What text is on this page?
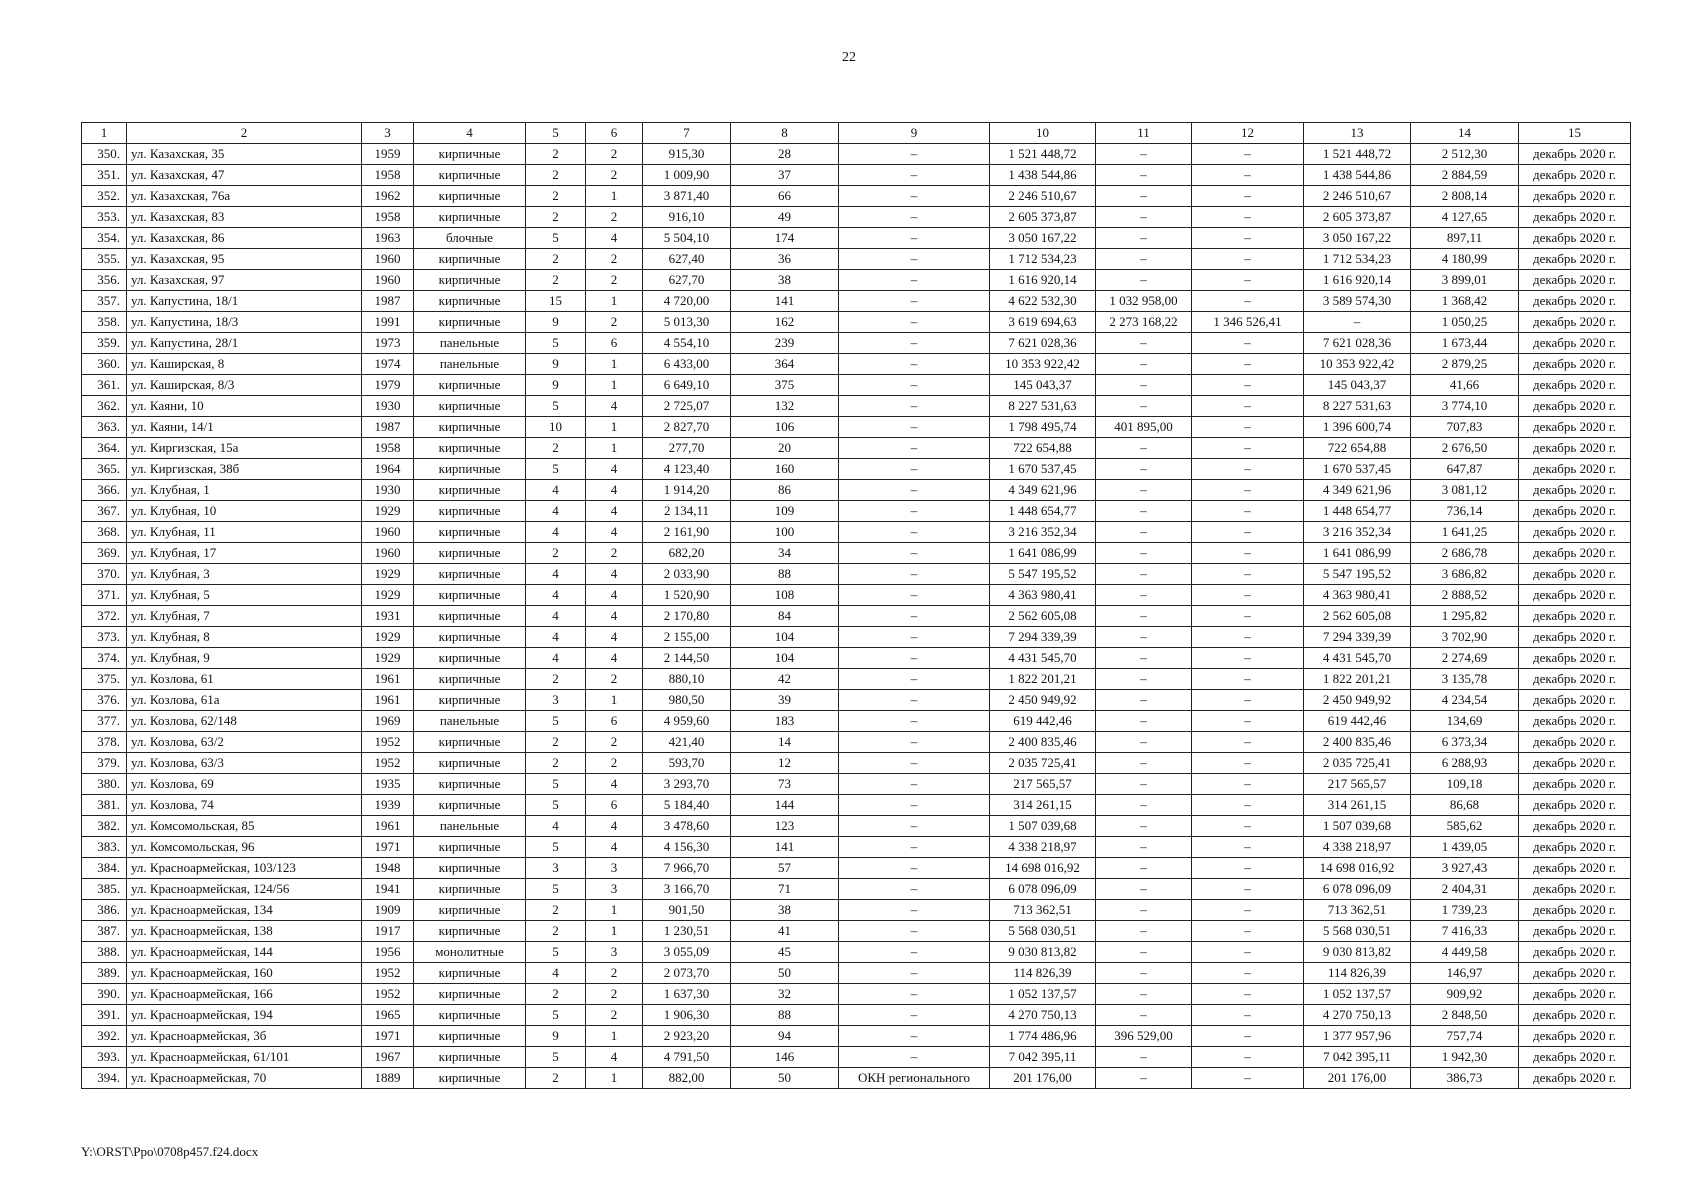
22
1	2	3	4	5	6	7	8	9	10	11	12	13	14	15
350.	ул. Казахская, 35	1959	кирпичные	2	2	915,30	28	–	1 521 448,72	–	–	1 521 448,72	2 512,30	декабрь 2020 г.
351.	ул. Казахская, 47	1958	кирпичные	2	2	1 009,90	37	–	1 438 544,86	–	–	1 438 544,86	2 884,59	декабрь 2020 г.
352.	ул. Казахская, 76а	1962	кирпичные	2	1	3 871,40	66	–	2 246 510,67	–	–	2 246 510,67	2 808,14	декабрь 2020 г.
353.	ул. Казахская, 83	1958	кирпичные	2	2	916,10	49	–	2 605 373,87	–	–	2 605 373,87	4 127,65	декабрь 2020 г.
354.	ул. Казахская, 86	1963	блочные	5	4	5 504,10	174	–	3 050 167,22	–	–	3 050 167,22	897,11	декабрь 2020 г.
355.	ул. Казахская, 95	1960	кирпичные	2	2	627,40	36	–	1 712 534,23	–	–	1 712 534,23	4 180,99	декабрь 2020 г.
356.	ул. Казахская, 97	1960	кирпичные	2	2	627,70	38	–	1 616 920,14	–	–	1 616 920,14	3 899,01	декабрь 2020 г.
357.	ул. Капустина, 18/1	1987	кирпичные	15	1	4 720,00	141	–	4 622 532,30	1 032 958,00	–	3 589 574,30	1 368,42	декабрь 2020 г.
358.	ул. Капустина, 18/3	1991	кирпичные	9	2	5 013,30	162	–	3 619 694,63	2 273 168,22	1 346 526,41	–	1 050,25	декабрь 2020 г.
359.	ул. Капустина, 28/1	1973	панельные	5	6	4 554,10	239	–	7 621 028,36	–	–	7 621 028,36	1 673,44	декабрь 2020 г.
360.	ул. Каширская, 8	1974	панельные	9	1	6 433,00	364	–	10 353 922,42	–	–	10 353 922,42	2 879,25	декабрь 2020 г.
361.	ул. Каширская, 8/3	1979	кирпичные	9	1	6 649,10	375	–	145 043,37	–	–	145 043,37	41,66	декабрь 2020 г.
362.	ул. Каяни, 10	1930	кирпичные	5	4	2 725,07	132	–	8 227 531,63	–	–	8 227 531,63	3 774,10	декабрь 2020 г.
363.	ул. Каяни, 14/1	1987	кирпичные	10	1	2 827,70	106	–	1 798 495,74	401 895,00	–	1 396 600,74	707,83	декабрь 2020 г.
364.	ул. Киргизская, 15а	1958	кирпичные	2	1	277,70	20	–	722 654,88	–	–	722 654,88	2 676,50	декабрь 2020 г.
365.	ул. Киргизская, 38б	1964	кирпичные	5	4	4 123,40	160	–	1 670 537,45	–	–	1 670 537,45	647,87	декабрь 2020 г.
366.	ул. Клубная, 1	1930	кирпичные	4	4	1 914,20	86	–	4 349 621,96	–	–	4 349 621,96	3 081,12	декабрь 2020 г.
367.	ул. Клубная, 10	1929	кирпичные	4	4	2 134,11	109	–	1 448 654,77	–	–	1 448 654,77	736,14	декабрь 2020 г.
368.	ул. Клубная, 11	1960	кирпичные	4	4	2 161,90	100	–	3 216 352,34	–	–	3 216 352,34	1 641,25	декабрь 2020 г.
369.	ул. Клубная, 17	1960	кирпичные	2	2	682,20	34	–	1 641 086,99	–	–	1 641 086,99	2 686,78	декабрь 2020 г.
370.	ул. Клубная, 3	1929	кирпичные	4	4	2 033,90	88	–	5 547 195,52	–	–	5 547 195,52	3 686,82	декабрь 2020 г.
371.	ул. Клубная, 5	1929	кирпичные	4	4	1 520,90	108	–	4 363 980,41	–	–	4 363 980,41	2 888,52	декабрь 2020 г.
372.	ул. Клубная, 7	1931	кирпичные	4	4	2 170,80	84	–	2 562 605,08	–	–	2 562 605,08	1 295,82	декабрь 2020 г.
373.	ул. Клубная, 8	1929	кирпичные	4	4	2 155,00	104	–	7 294 339,39	–	–	7 294 339,39	3 702,90	декабрь 2020 г.
374.	ул. Клубная, 9	1929	кирпичные	4	4	2 144,50	104	–	4 431 545,70	–	–	4 431 545,70	2 274,69	декабрь 2020 г.
375.	ул. Козлова, 61	1961	кирпичные	2	2	880,10	42	–	1 822 201,21	–	–	1 822 201,21	3 135,78	декабрь 2020 г.
376.	ул. Козлова, 61а	1961	кирпичные	3	1	980,50	39	–	2 450 949,92	–	–	2 450 949,92	4 234,54	декабрь 2020 г.
377.	ул. Козлова, 62/148	1969	панельные	5	6	4 959,60	183	–	619 442,46	–	–	619 442,46	134,69	декабрь 2020 г.
378.	ул. Козлова, 63/2	1952	кирпичные	2	2	421,40	14	–	2 400 835,46	–	–	2 400 835,46	6 373,34	декабрь 2020 г.
379.	ул. Козлова, 63/3	1952	кирпичные	2	2	593,70	12	–	2 035 725,41	–	–	2 035 725,41	6 288,93	декабрь 2020 г.
380.	ул. Козлова, 69	1935	кирпичные	5	4	3 293,70	73	–	217 565,57	–	–	217 565,57	109,18	декабрь 2020 г.
381.	ул. Козлова, 74	1939	кирпичные	5	6	5 184,40	144	–	314 261,15	–	–	314 261,15	86,68	декабрь 2020 г.
382.	ул. Комсомольская, 85	1961	панельные	4	4	3 478,60	123	–	1 507 039,68	–	–	1 507 039,68	585,62	декабрь 2020 г.
383.	ул. Комсомольская, 96	1971	кирпичные	5	4	4 156,30	141	–	4 338 218,97	–	–	4 338 218,97	1 439,05	декабрь 2020 г.
384.	ул. Красноармейская, 103/123	1948	кирпичные	3	3	7 966,70	57	–	14 698 016,92	–	–	14 698 016,92	3 927,43	декабрь 2020 г.
385.	ул. Красноармейская, 124/56	1941	кирпичные	5	3	3 166,70	71	–	6 078 096,09	–	–	6 078 096,09	2 404,31	декабрь 2020 г.
386.	ул. Красноармейская, 134	1909	кирпичные	2	1	901,50	38	–	713 362,51	–	–	713 362,51	1 739,23	декабрь 2020 г.
387.	ул. Красноармейская, 138	1917	кирпичные	2	1	1 230,51	41	–	5 568 030,51	–	–	5 568 030,51	7 416,33	декабрь 2020 г.
388.	ул. Красноармейская, 144	1956	монолитные	5	3	3 055,09	45	–	9 030 813,82	–	–	9 030 813,82	4 449,58	декабрь 2020 г.
389.	ул. Красноармейская, 160	1952	кирпичные	4	2	2 073,70	50	–	114 826,39	–	–	114 826,39	146,97	декабрь 2020 г.
390.	ул. Красноармейская, 166	1952	кирпичные	2	2	1 637,30	32	–	1 052 137,57	–	–	1 052 137,57	909,92	декабрь 2020 г.
391.	ул. Красноармейская, 194	1965	кирпичные	5	2	1 906,30	88	–	4 270 750,13	–	–	4 270 750,13	2 848,50	декабрь 2020 г.
392.	ул. Красноармейская, 3б	1971	кирпичные	9	1	2 923,20	94	–	1 774 486,96	396 529,00	–	1 377 957,96	757,74	декабрь 2020 г.
393.	ул. Красноармейская, 61/101	1967	кирпичные	5	4	4 791,50	146	–	7 042 395,11	–	–	7 042 395,11	1 942,30	декабрь 2020 г.
394.	ул. Красноармейская, 70	1889	кирпичные	2	1	882,00	50	ОКН регионального	201 176,00	–	–	201 176,00	386,73	декабрь 2020 г.
Y:\ORST\Ppo\0708p457.f24.docx
